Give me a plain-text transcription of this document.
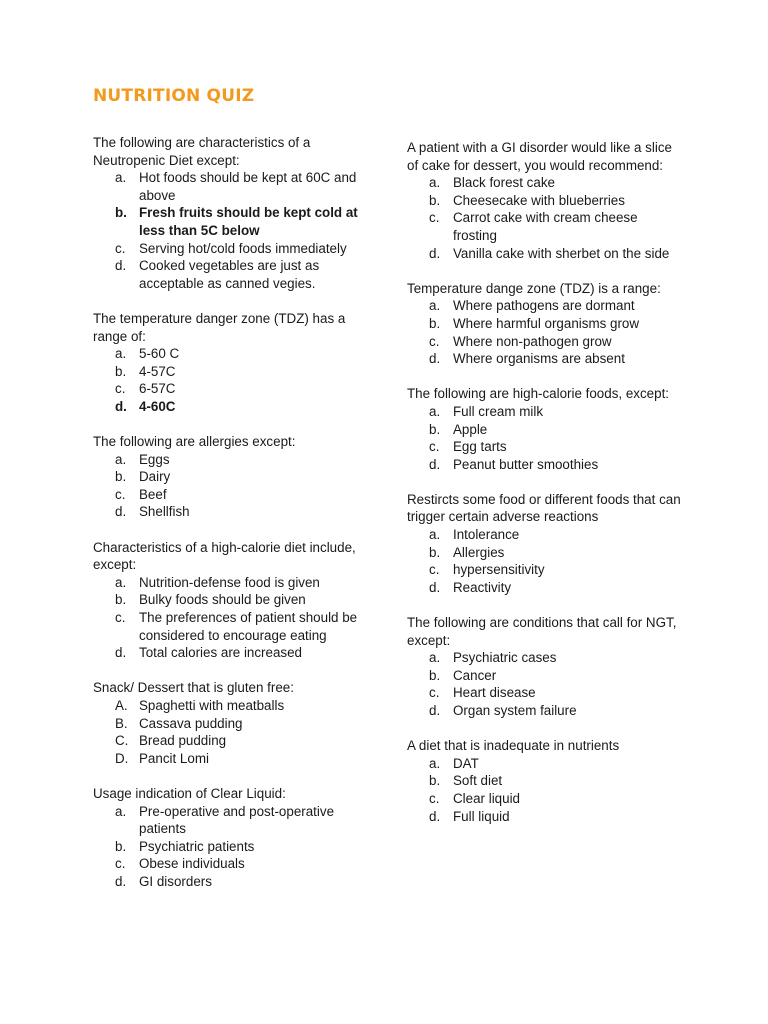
NUTRITION QUIZ

The following are characteristics of a Neutropenic Diet except:

a. Hot foods should be kept at 60C and above
b. Fresh fruits should be kept cold at less than 5C below
c. Serving hot/cold foods immediately
d. Cooked vegetables are just as acceptable as canned vegies.

The temperature danger zone (TDZ) has a range of:

a. 5-60 C
b. 4-57C
c. 6-57C
d. 4-60C

The following are allergies except:

a. Eggs
b. Dairy
c. Beef
d. Shellfish

Characteristics of a high-calorie diet include, except:

a. Nutrition-defense food is given
b. Bulky foods should be given
c. The preferences of patient should be considered to encourage eating
d. Total calories are increased

Snack/ Dessert that is gluten free:

A. Spaghetti with meatballs
B. Cassava pudding
C. Bread pudding
D. Pancit Lomi

Usage indication of Clear Liquid:

a. Pre-operative and post-operative patients
b. Psychiatric patients
c. Obese individuals
d. GI disorders

A patient with a GI disorder would like a slice of cake for dessert, you would recommend:

a. Black forest cake
b. Cheesecake with blueberries
c. Carrot cake with cream cheese frosting
d. Vanilla cake with sherbet on the side

Temperature dange zone (TDZ) is a range:

a. Where pathogens are dormant
b. Where harmful organisms grow
c. Where non-pathogen grow
d. Where organisms are absent

The following are high-calorie foods, except:

a. Full cream milk
b. Apple
c. Egg tarts
d. Peanut butter smoothies

Restircts some food or different foods that can trigger certain adverse reactions

a. Intolerance
b. Allergies
c. hypersensitivity
d. Reactivity

The following are conditions that call for NGT, except:

a. Psychiatric cases
b. Cancer
c. Heart disease
d. Organ system failure

A diet that is inadequate in nutrients

a. DAT
b. Soft diet
c. Clear liquid
d. Full liquid
